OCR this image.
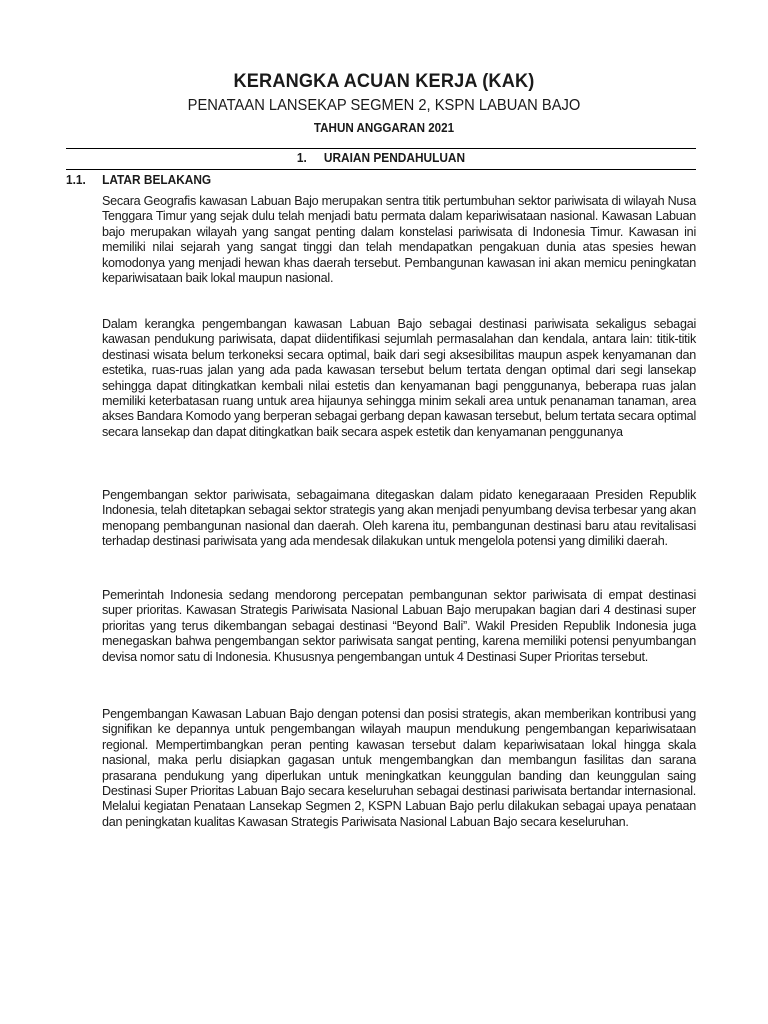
KERANGKA ACUAN KERJA (KAK)
PENATAAN LANSEKAP SEGMEN 2, KSPN LABUAN BAJO
TAHUN ANGGARAN 2021
1. URAIAN PENDAHULUAN
1.1. LATAR BELAKANG

Secara Geografis kawasan Labuan Bajo merupakan sentra titik pertumbuhan sektor pariwisata di wilayah Nusa Tenggara Timur yang sejak dulu telah menjadi batu permata dalam kepariwisataan nasional. Kawasan Labuan bajo merupakan wilayah yang sangat penting dalam konstelasi pariwisata di Indonesia Timur. Kawasan ini memiliki nilai sejarah yang sangat tinggi dan telah mendapatkan pengakuan dunia atas spesies hewan komodonya yang menjadi hewan khas daerah tersebut. Pembangunan kawasan ini akan memicu peningkatan kepariwisataan baik lokal maupun nasional.

Dalam kerangka pengembangan kawasan Labuan Bajo sebagai destinasi pariwisata sekaligus sebagai kawasan pendukung pariwisata, dapat diidentifikasi sejumlah permasalahan dan kendala, antara lain: titik-titik destinasi wisata belum terkoneksi secara optimal, baik dari segi aksesibilitas maupun aspek kenyamanan dan estetika, ruas-ruas jalan yang ada pada kawasan tersebut belum tertata dengan optimal dari segi lansekap sehingga dapat ditingkatkan kembali nilai estetis dan kenyamanan bagi penggunanya, beberapa ruas jalan memiliki keterbatasan ruang untuk area hijaunya sehingga minim sekali area untuk penanaman tanaman, area akses Bandara Komodo yang berperan sebagai gerbang depan kawasan tersebut, belum tertata secara optimal secara lansekap dan dapat ditingkatkan baik secara aspek estetik dan kenyamanan penggunanya

Pengembangan sektor pariwisata, sebagaimana ditegaskan dalam pidato kenegaraaan Presiden Republik Indonesia, telah ditetapkan sebagai sektor strategis yang akan menjadi penyumbang devisa terbesar yang akan menopang pembangunan nasional dan daerah. Oleh karena itu, pembangunan destinasi baru atau revitalisasi terhadap destinasi pariwisata yang ada mendesak dilakukan untuk mengelola potensi yang dimiliki daerah.

Pemerintah Indonesia sedang mendorong percepatan pembangunan sektor pariwisata di empat destinasi super prioritas. Kawasan Strategis Pariwisata Nasional Labuan Bajo merupakan bagian dari 4 destinasi super prioritas yang terus dikembangan sebagai destinasi “Beyond Bali”. Wakil Presiden Republik Indonesia juga menegaskan bahwa pengembangan sektor pariwisata sangat penting, karena memiliki potensi penyumbangan devisa nomor satu di Indonesia. Khususnya pengembangan untuk 4 Destinasi Super Prioritas tersebut.

Pengembangan Kawasan Labuan Bajo dengan potensi dan posisi strategis, akan memberikan kontribusi yang signifikan ke depannya untuk pengembangan wilayah maupun mendukung pengembangan kepariwisataan regional. Mempertimbangkan peran penting kawasan tersebut dalam kepariwisataan lokal hingga skala nasional, maka perlu disiapkan gagasan untuk mengembangkan dan membangun fasilitas dan sarana prasarana pendukung yang diperlukan untuk meningkatkan keunggulan banding dan keunggulan saing Destinasi Super Prioritas Labuan Bajo secara keseluruhan sebagai destinasi pariwisata bertandar internasional. Melalui kegiatan Penataan Lansekap Segmen 2, KSPN Labuan Bajo perlu dilakukan sebagai upaya penataan dan peningkatan kualitas Kawasan Strategis Pariwisata Nasional Labuan Bajo secara keseluruhan.
